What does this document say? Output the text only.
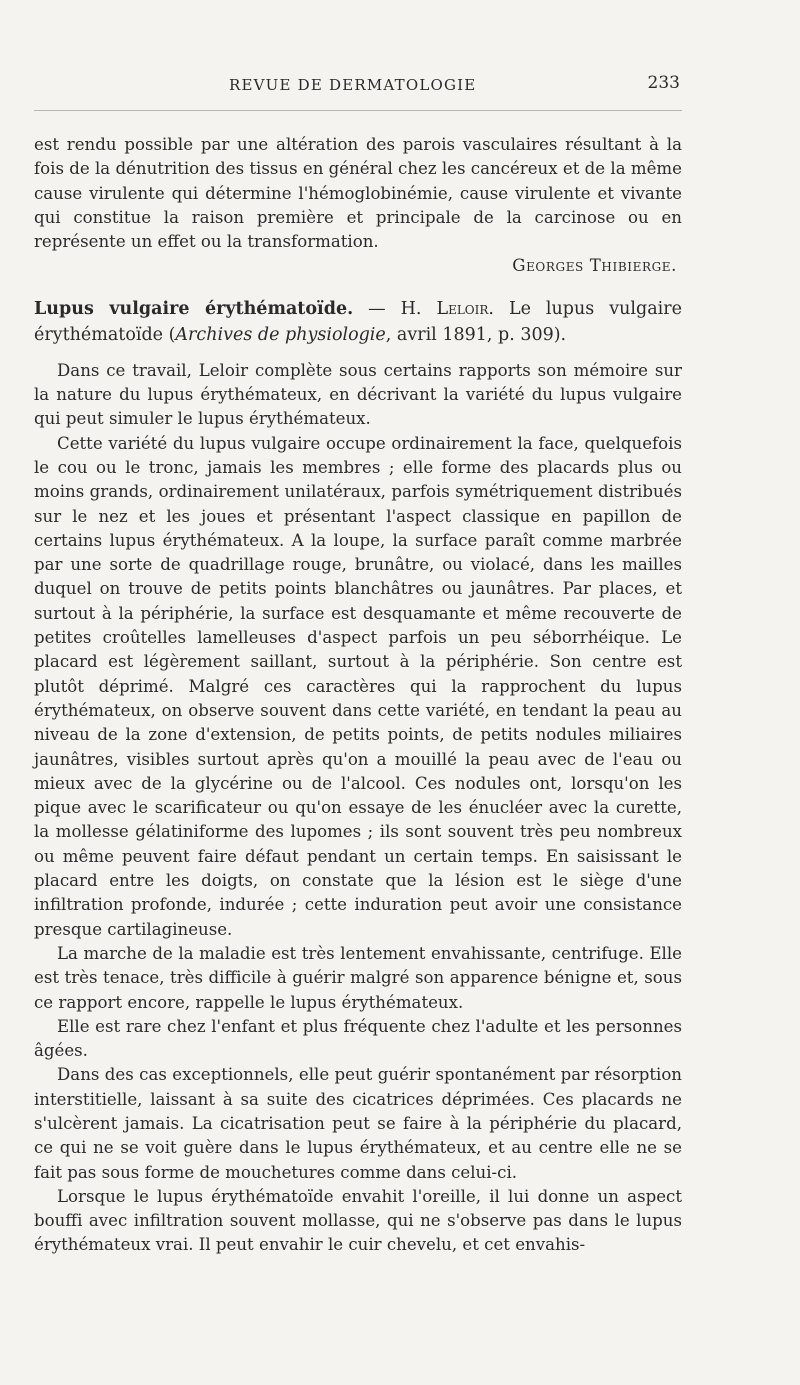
REVUE DE DERMATOLOGIE	233

est rendu possible par une altération des parois vasculaires résultant à la fois de la dénutrition des tissus en général chez les cancéreux et de la même cause virulente qui détermine l'hémoglobinémie, cause virulente et vivante qui constitue la raison première et principale de la carcinose ou en représente un effet ou la transformation.

Georges Thibierge.

Lupus vulgaire érythématoïde. — H. Leloir. Le lupus vulgaire érythématoïde (Archives de physiologie, avril 1891, p. 309).

Dans ce travail, Leloir complète sous certains rapports son mémoire sur la nature du lupus érythémateux, en décrivant la variété du lupus vulgaire qui peut simuler le lupus érythémateux.

Cette variété du lupus vulgaire occupe ordinairement la face, quelquefois le cou ou le tronc, jamais les membres ; elle forme des placards plus ou moins grands, ordinairement unilatéraux, parfois symétriquement distribués sur le nez et les joues et présentant l'aspect classique en papillon de certains lupus érythémateux. A la loupe, la surface paraît comme marbrée par une sorte de quadrillage rouge, brunâtre, ou violacé, dans les mailles duquel on trouve de petits points blanchâtres ou jaunâtres. Par places, et surtout à la périphérie, la surface est desquamante et même recouverte de petites croûtelles lamelleuses d'aspect parfois un peu séborrhéique. Le placard est légèrement saillant, surtout à la périphérie. Son centre est plutôt déprimé. Malgré ces caractères qui la rapprochent du lupus érythémateux, on observe souvent dans cette variété, en tendant la peau au niveau de la zone d'extension, de petits points, de petits nodules miliaires jaunâtres, visibles surtout après qu'on a mouillé la peau avec de l'eau ou mieux avec de la glycérine ou de l'alcool. Ces nodules ont, lorsqu'on les pique avec le scarificateur ou qu'on essaye de les énucléer avec la curette, la mollesse gélatiniforme des lupomes ; ils sont souvent très peu nombreux ou même peuvent faire défaut pendant un certain temps. En saisissant le placard entre les doigts, on constate que la lésion est le siège d'une infiltration profonde, indurée ; cette induration peut avoir une consistance presque cartilagineuse.

La marche de la maladie est très lentement envahissante, centrifuge. Elle est très tenace, très difficile à guérir malgré son apparence bénigne et, sous ce rapport encore, rappelle le lupus érythémateux.

Elle est rare chez l'enfant et plus fréquente chez l'adulte et les personnes âgées.

Dans des cas exceptionnels, elle peut guérir spontanément par résorption interstitielle, laissant à sa suite des cicatrices déprimées. Ces placards ne s'ulcèrent jamais. La cicatrisation peut se faire à la périphérie du placard, ce qui ne se voit guère dans le lupus érythémateux, et au centre elle ne se fait pas sous forme de mouchetures comme dans celui-ci.

Lorsque le lupus érythématoïde envahit l'oreille, il lui donne un aspect bouffi avec infiltration souvent mollasse, qui ne s'observe pas dans le lupus érythémateux vrai. Il peut envahir le cuir chevelu, et cet envahis-
